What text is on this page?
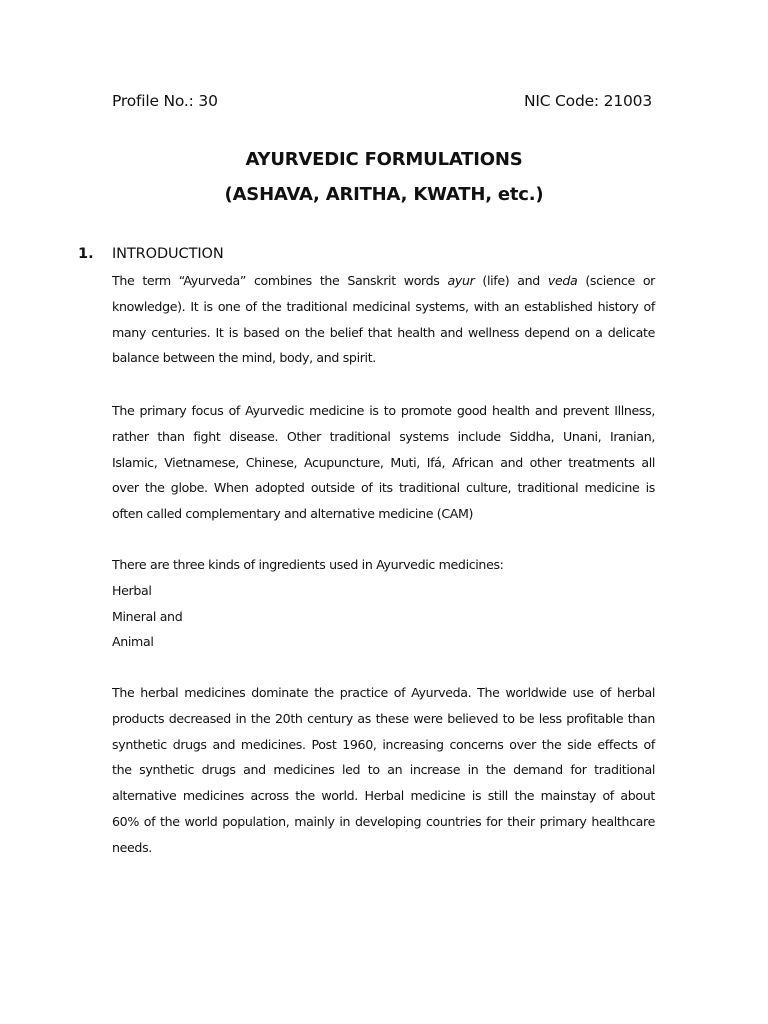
Profile No.: 30	NIC Code: 21003
AYURVEDIC FORMULATIONS
(ASHAVA, ARITHA, KWATH, etc.)
1. INTRODUCTION
The term “Ayurveda” combines the Sanskrit words ayur (life) and veda (science or
knowledge). It is one of the traditional medicinal systems, with an established history of
many centuries. It is based on the belief that health and wellness depend on a delicate
balance between the mind, body, and spirit.
The primary focus of Ayurvedic medicine is to promote good health and prevent Illness,
rather than fight disease. Other traditional systems include Siddha, Unani, Iranian,
Islamic, Vietnamese, Chinese, Acupuncture, Muti, Ifá, African and other treatments all
over the globe. When adopted outside of its traditional culture, traditional medicine is
often called complementary and alternative medicine (CAM)
There are three kinds of ingredients used in Ayurvedic medicines:
Herbal
Mineral and
Animal
The herbal medicines dominate the practice of Ayurveda. The worldwide use of herbal
products decreased in the 20th century as these were believed to be less profitable than
synthetic drugs and medicines. Post 1960, increasing concerns over the side effects of
the synthetic drugs and medicines led to an increase in the demand for traditional
alternative medicines across the world. Herbal medicine is still the mainstay of about
60% of the world population, mainly in developing countries for their primary healthcare
needs.
